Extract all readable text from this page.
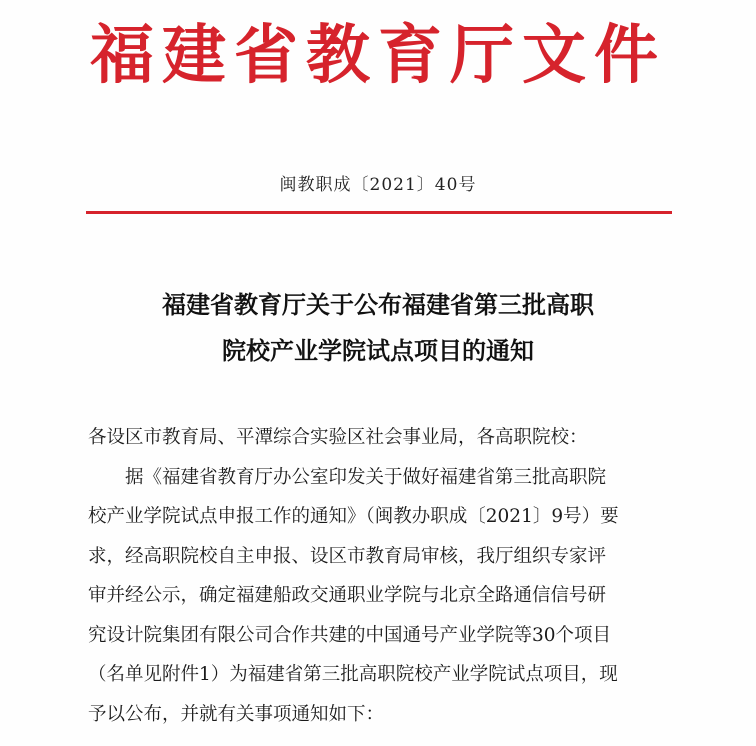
福建省教育厅文件
闽教职成〔2021〕40号
福建省教育厅关于公布福建省第三批高职
院校产业学院试点项目的通知
各设区市教育局、平潭综合实验区社会事业局，各高职院校：
据《福建省教育厅办公室印发关于做好福建省第三批高职院
校产业学院试点申报工作的通知》（闽教办职成〔2021〕9号）要
求，经高职院校自主申报、设区市教育局审核，我厅组织专家评
审并经公示，确定福建船政交通职业学院与北京全路通信信号研
究设计院集团有限公司合作共建的中国通号产业学院等30个项目
（名单见附件1）为福建省第三批高职院校产业学院试点项目，现
予以公布，并就有关事项通知如下：
